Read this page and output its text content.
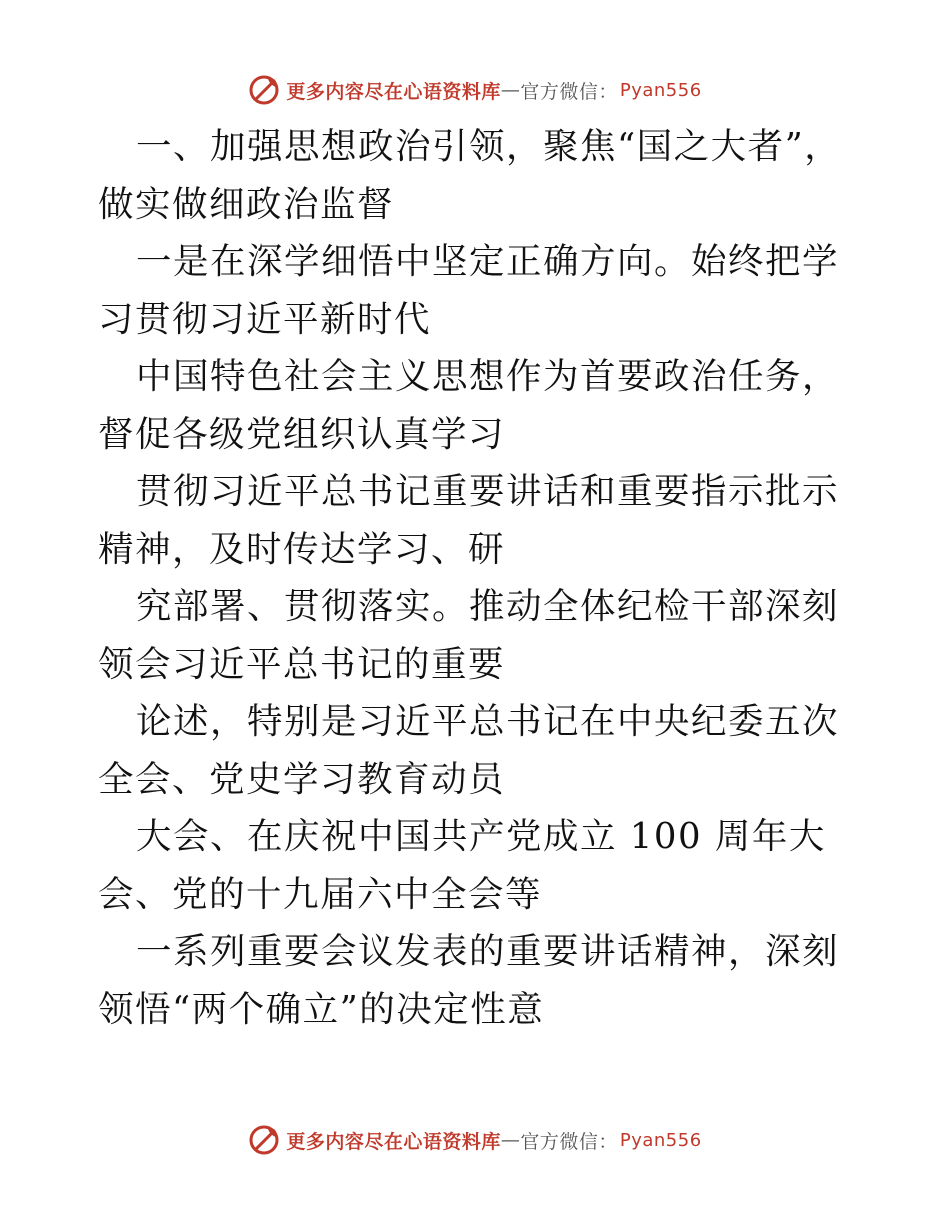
更多内容尽在心语资料库 — 官方微信： Pyan556

一、加强思想政治引领，聚焦“国之大者”，做实做细政治监督

一是在深学细悟中坚定正确方向。始终把学习贯彻习近平新时代

中国特色社会主义思想作为首要政治任务，督促各级党组织认真学习

贯彻习近平总书记重要讲话和重要指示批示精神，及时传达学习、研

究部署、贯彻落实。推动全体纪检干部深刻领会习近平总书记的重要

论述，特别是习近平总书记在中央纪委五次全会、党史学习教育动员

大会、在庆祝中国共产党成立 100 周年大会、党的十九届六中全会等

一系列重要会议发表的重要讲话精神，深刻领悟“两个确立”的决定性意

更多内容尽在心语资料库 — 官方微信： Pyan556
